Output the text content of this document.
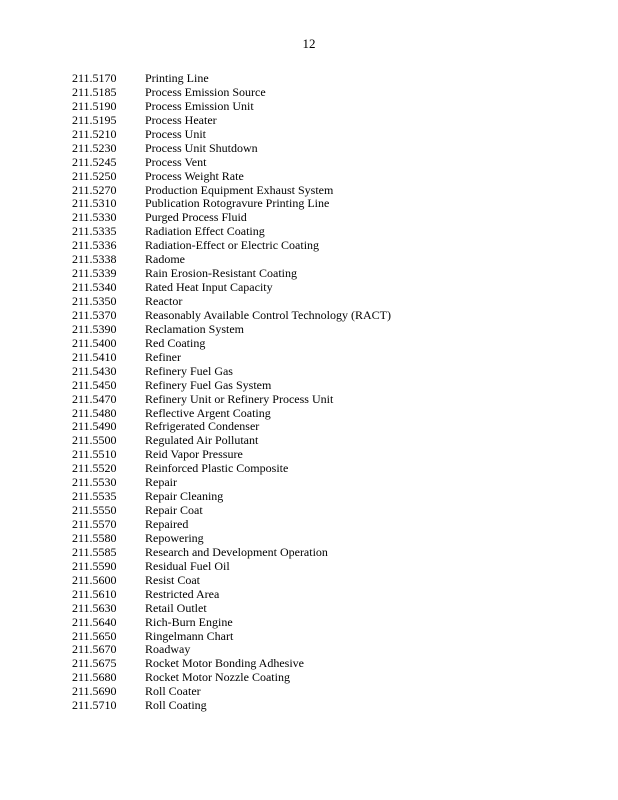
12
211.5170	Printing Line
211.5185	Process Emission Source
211.5190	Process Emission Unit
211.5195	Process Heater
211.5210	Process Unit
211.5230	Process Unit Shutdown
211.5245	Process Vent
211.5250	Process Weight Rate
211.5270	Production Equipment Exhaust System
211.5310	Publication Rotogravure Printing Line
211.5330	Purged Process Fluid
211.5335	Radiation Effect Coating
211.5336	Radiation-Effect or Electric Coating
211.5338	Radome
211.5339	Rain Erosion-Resistant Coating
211.5340	Rated Heat Input Capacity
211.5350	Reactor
211.5370	Reasonably Available Control Technology (RACT)
211.5390	Reclamation System
211.5400	Red Coating
211.5410	Refiner
211.5430	Refinery Fuel Gas
211.5450	Refinery Fuel Gas System
211.5470	Refinery Unit or Refinery Process Unit
211.5480	Reflective Argent Coating
211.5490	Refrigerated Condenser
211.5500	Regulated Air Pollutant
211.5510	Reid Vapor Pressure
211.5520	Reinforced Plastic Composite
211.5530	Repair
211.5535	Repair Cleaning
211.5550	Repair Coat
211.5570	Repaired
211.5580	Repowering
211.5585	Research and Development Operation
211.5590	Residual Fuel Oil
211.5600	Resist Coat
211.5610	Restricted Area
211.5630	Retail Outlet
211.5640	Rich-Burn Engine
211.5650	Ringelmann Chart
211.5670	Roadway
211.5675	Rocket Motor Bonding Adhesive
211.5680	Rocket Motor Nozzle Coating
211.5690	Roll Coater
211.5710	Roll Coating
